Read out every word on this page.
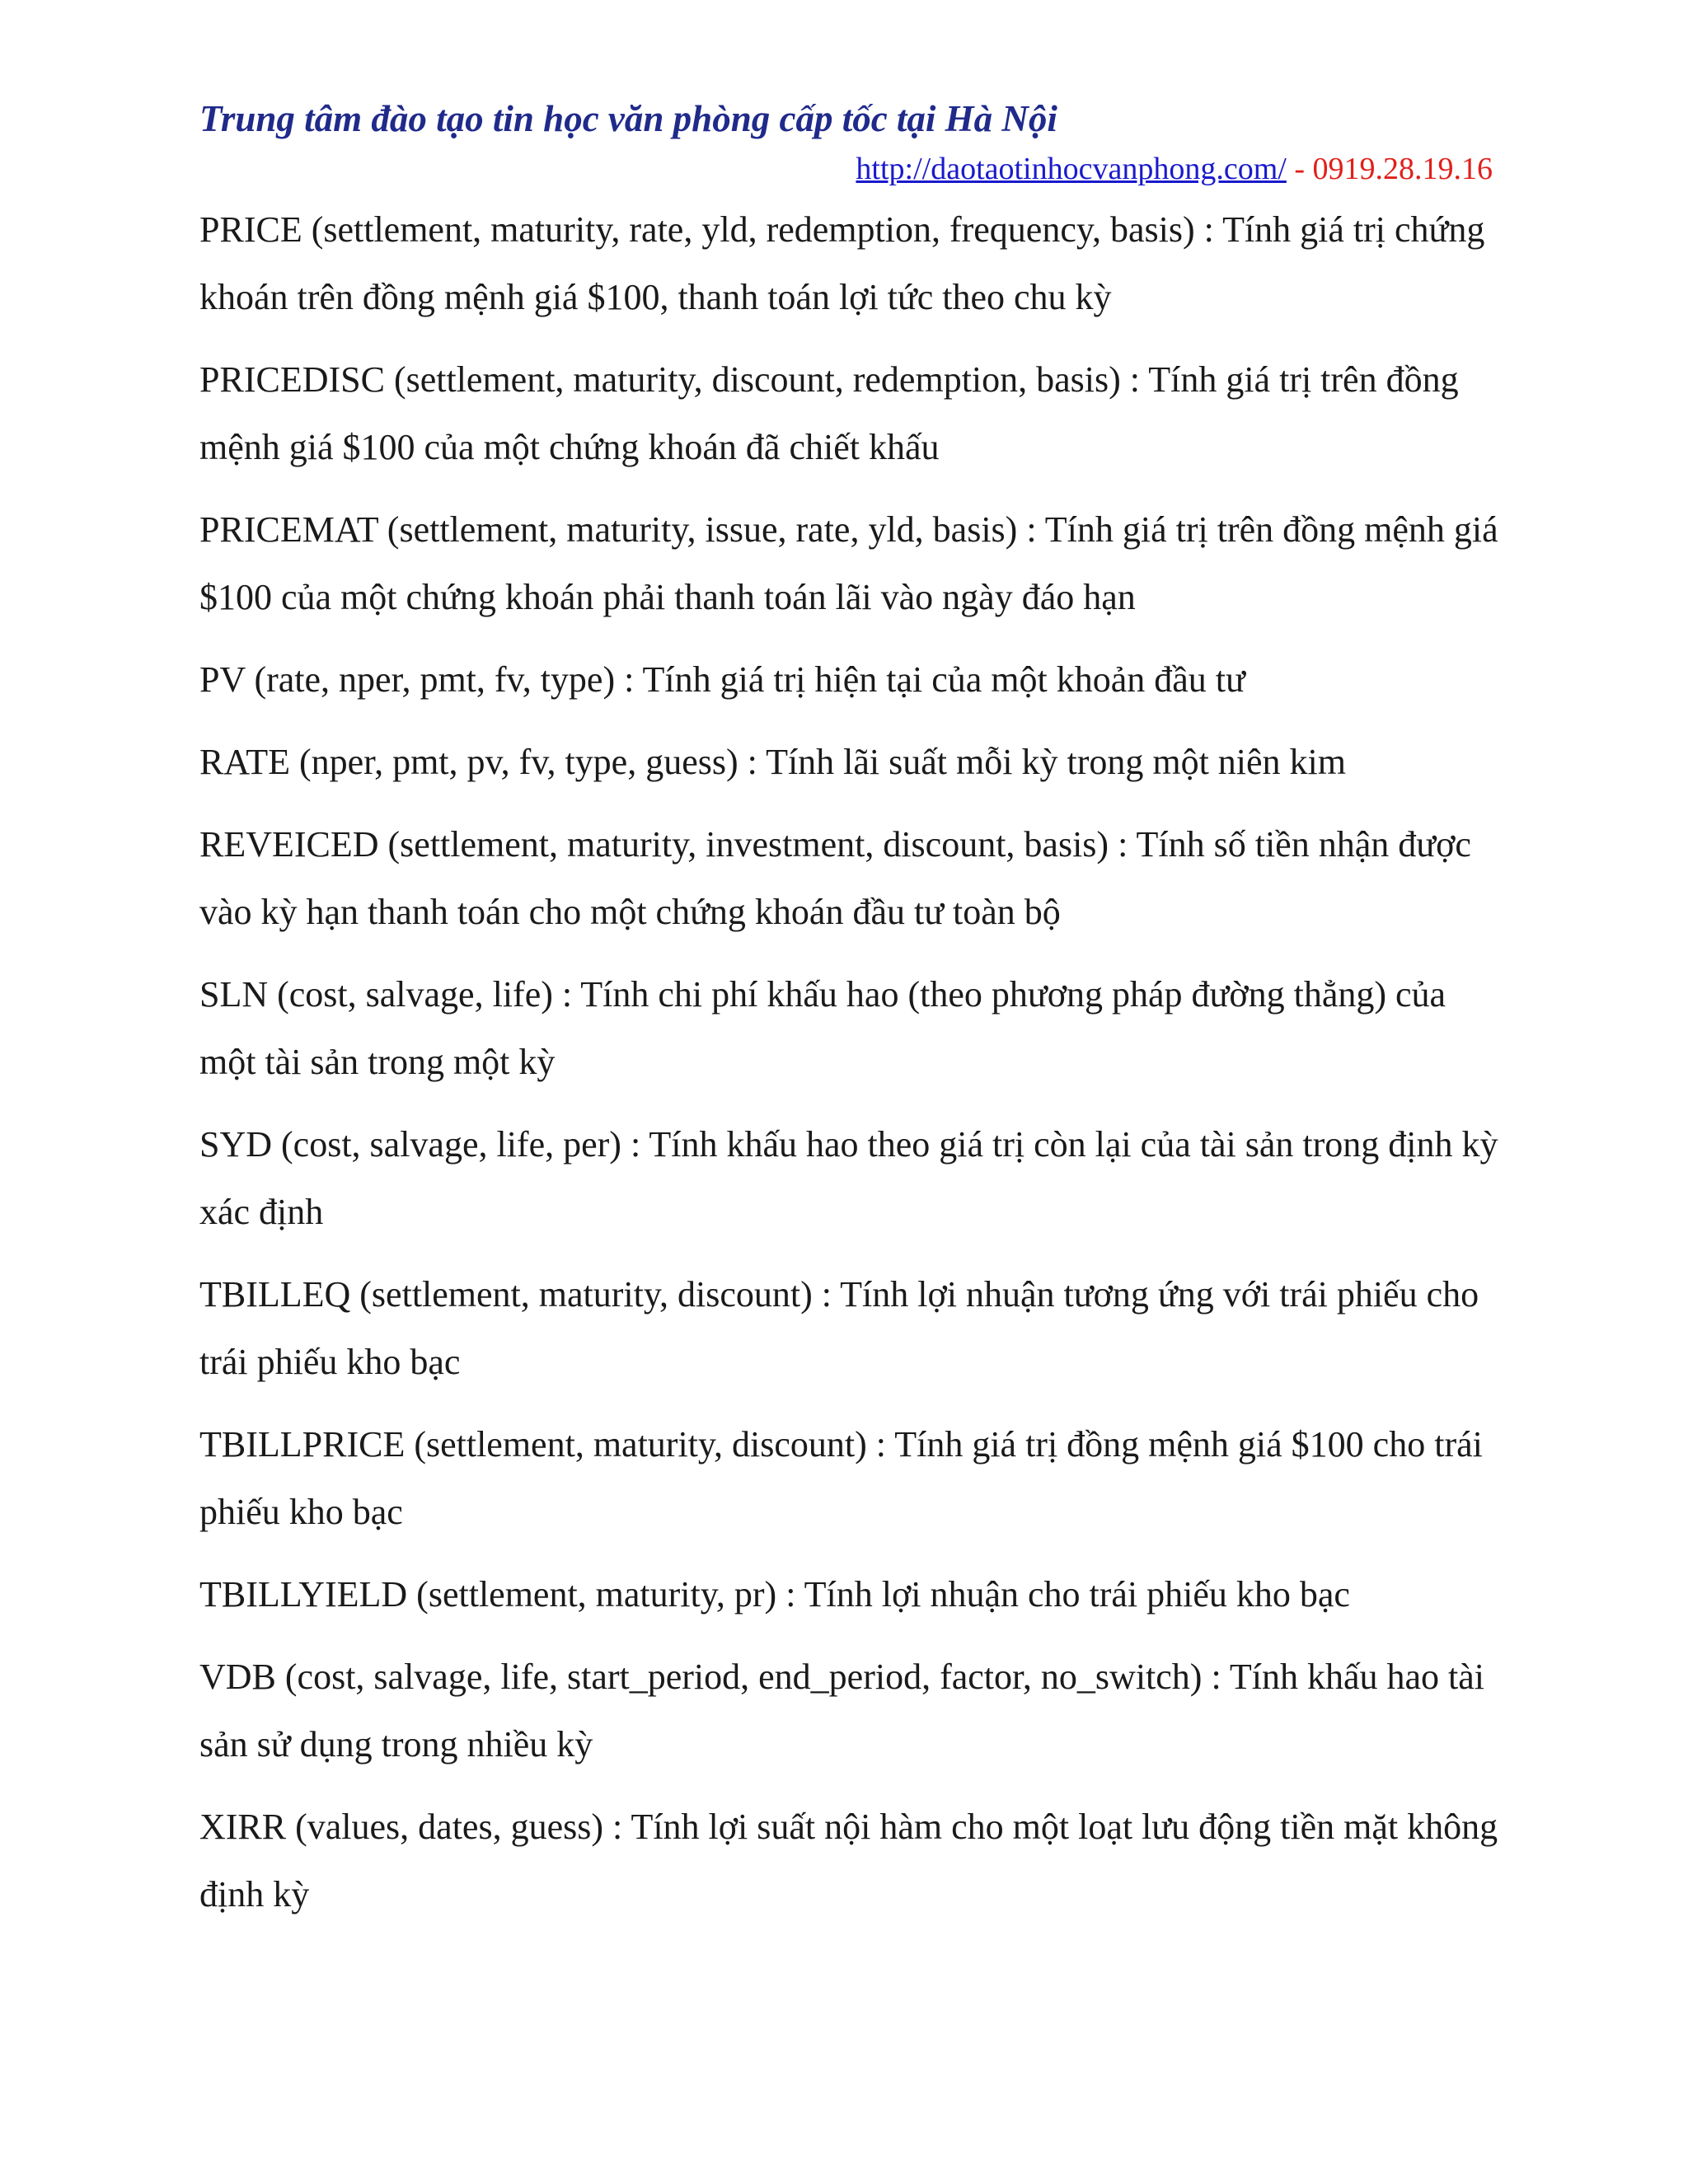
Trung tâm đào tạo tin học văn phòng cấp tốc tại Hà Nội
http://daotaotinhocvanphong.com/ - 0919.28.19.16

PRICE (settlement, maturity, rate, yld, redemption, frequency, basis) : Tính giá trị chứng khoán trên đồng mệnh giá $100, thanh toán lợi tức theo chu kỳ

PRICEDISC (settlement, maturity, discount, redemption, basis) : Tính giá trị trên đồng mệnh giá $100 của một chứng khoán đã chiết khấu

PRICEMAT (settlement, maturity, issue, rate, yld, basis) : Tính giá trị trên đồng mệnh giá $100 của một chứng khoán phải thanh toán lãi vào ngày đáo hạn

PV (rate, nper, pmt, fv, type) : Tính giá trị hiện tại của một khoản đầu tư

RATE (nper, pmt, pv, fv, type, guess) : Tính lãi suất mỗi kỳ trong một niên kim

REVEICED (settlement, maturity, investment, discount, basis) : Tính số tiền nhận được vào kỳ hạn thanh toán cho một chứng khoán đầu tư toàn bộ

SLN (cost, salvage, life) : Tính chi phí khấu hao (theo phương pháp đường thẳng) của một tài sản trong một kỳ

SYD (cost, salvage, life, per) : Tính khấu hao theo giá trị còn lại của tài sản trong định kỳ xác định

TBILLEQ (settlement, maturity, discount) : Tính lợi nhuận tương ứng với trái phiếu cho trái phiếu kho bạc

TBILLPRICE (settlement, maturity, discount) : Tính giá trị đồng mệnh giá $100 cho trái phiếu kho bạc

TBILLYIELD (settlement, maturity, pr) : Tính lợi nhuận cho trái phiếu kho bạc

VDB (cost, salvage, life, start_period, end_period, factor, no_switch) : Tính khấu hao tài sản sử dụng trong nhiều kỳ

XIRR (values, dates, guess) : Tính lợi suất nội hàm cho một loạt lưu động tiền mặt không định kỳ
